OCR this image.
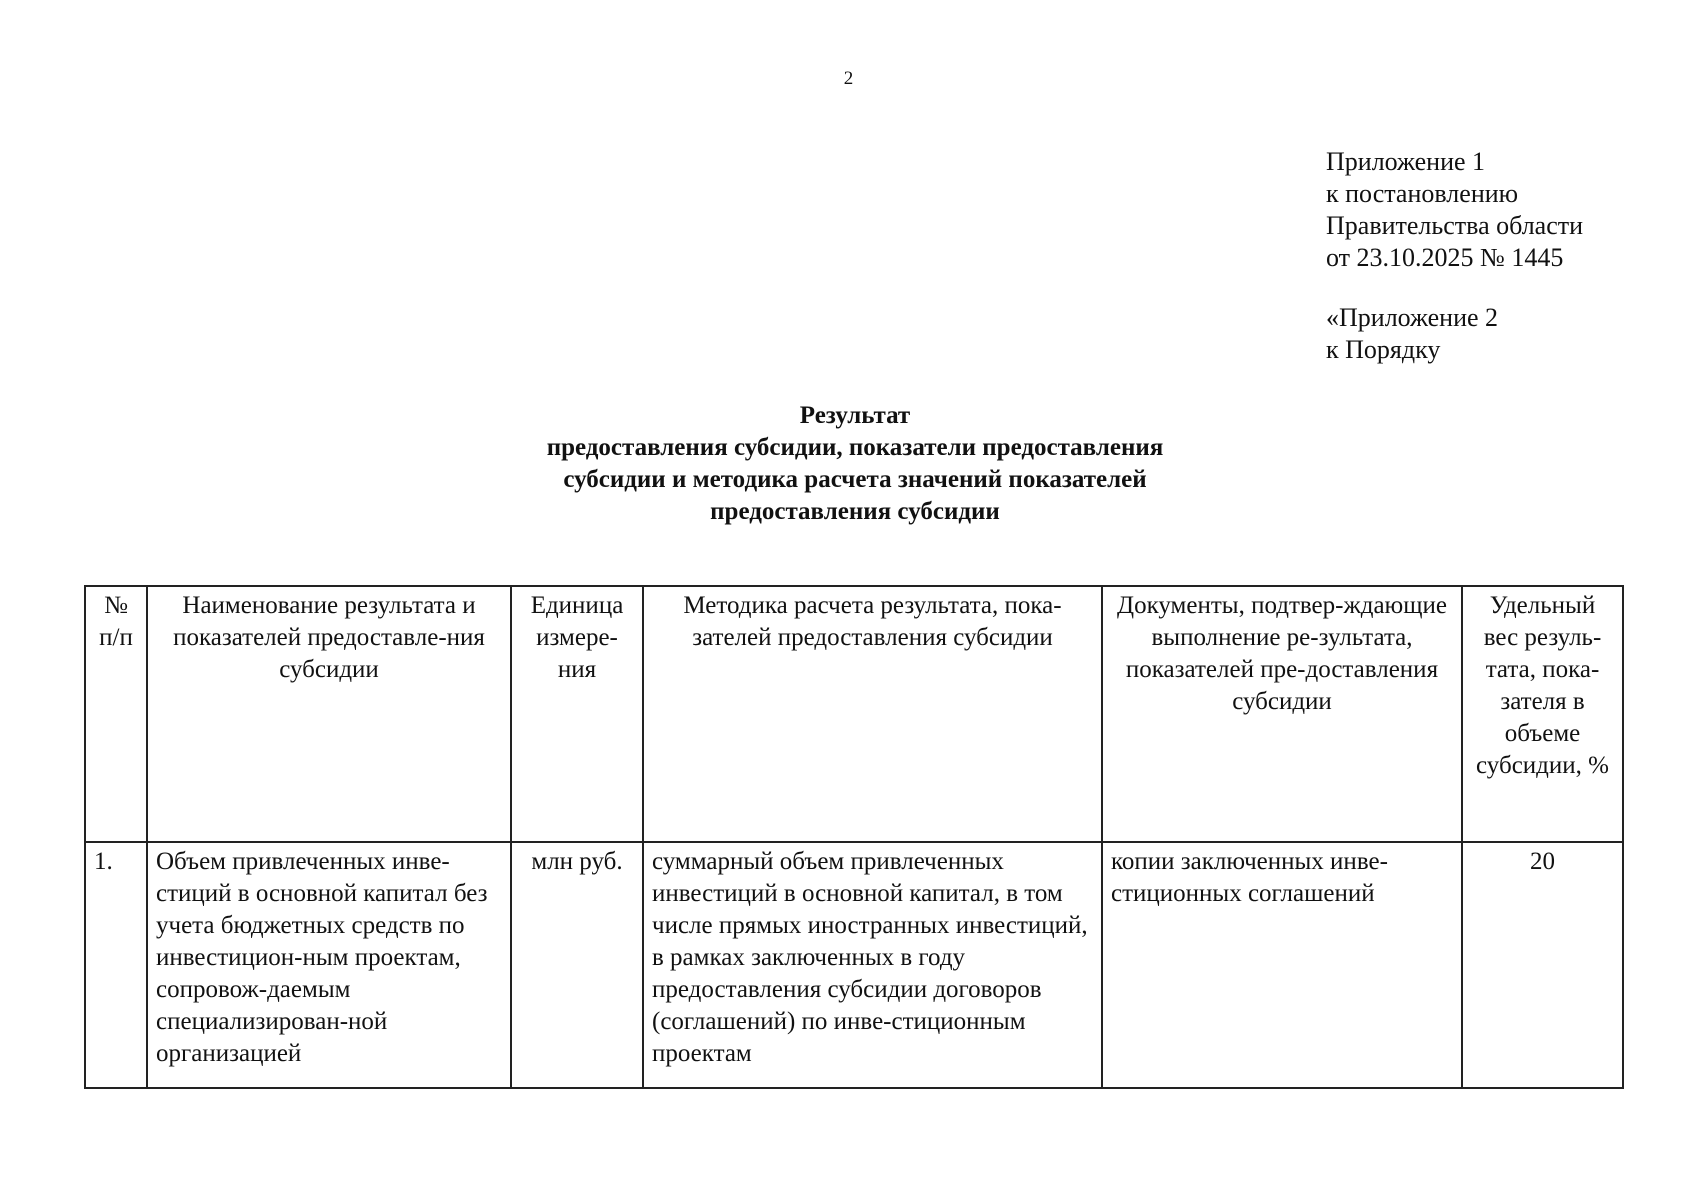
2
Приложение 1
к постановлению
Правительства области
от 23.10.2025 № 1445
«Приложение 2
к Порядку
Результат
предоставления субсидии, показатели предоставления
субсидии и методика расчета значений показателей
предоставления субсидии
№ п/п	Наименование результата и показателей предоставле-ния субсидии	Единица измере-ния	Методика расчета результата, пока-зателей предоставления субсидии	Документы, подтвер-ждающие выполнение ре-зультата, показателей пре-доставления субсидии	Удельный вес резуль-тата, пока-зателя в объеме субсидии, %
1.	Объем привлеченных инве-стиций в основной капитал без учета бюджетных средств по инвестицион-ным проектам, сопровож-даемым специализирован-ной организацией	млн руб.	суммарный объем привлеченных инвестиций в основной капитал, в том числе прямых иностранных инвестиций, в рамках заключенных в году предоставления субсидии договоров (соглашений) по инве-стиционным проектам	копии заключенных инве-стиционных соглашений	20
